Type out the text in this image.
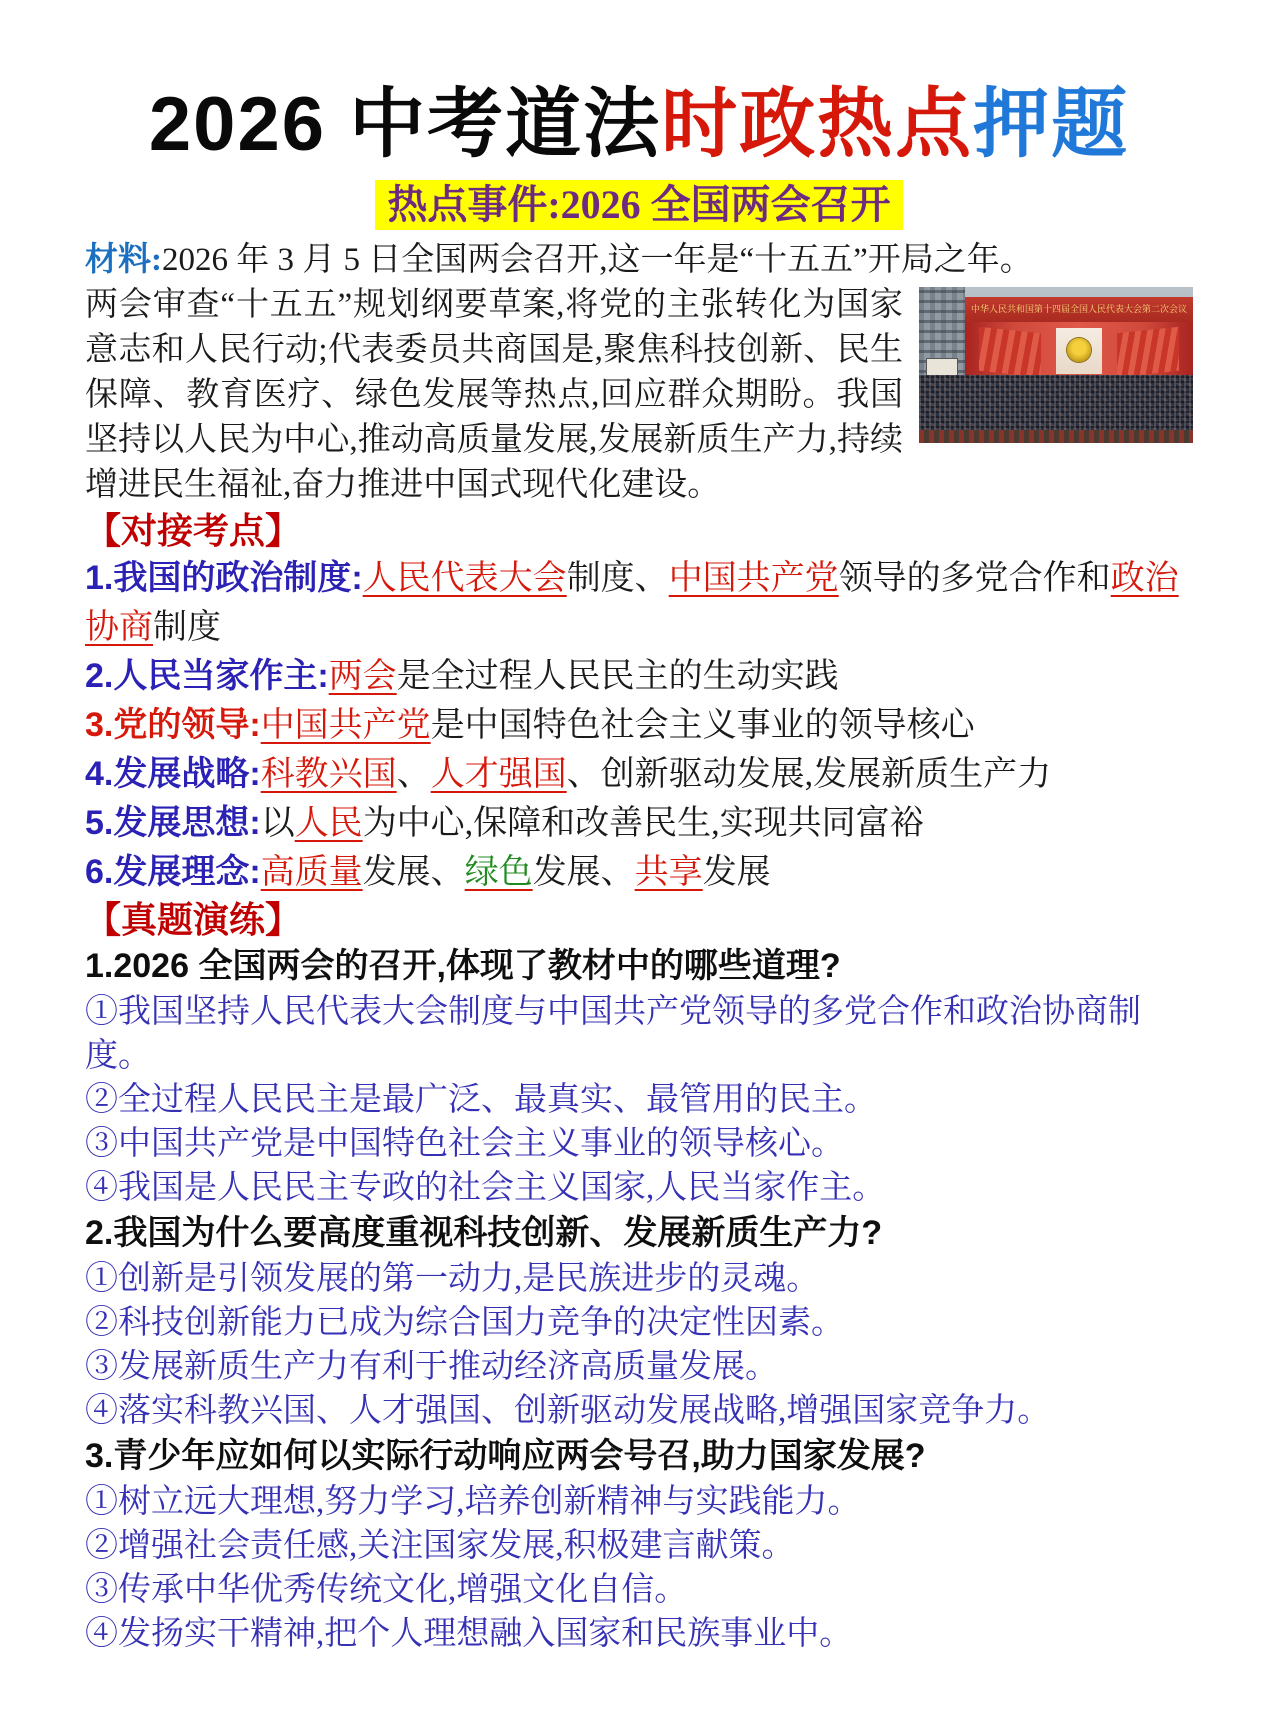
2026 中考道法时政热点押题
热点事件:2026 全国两会召开
材料:2026 年 3 月 5 日全国两会召开,这一年是“十五五”开局之年。
中华人民共和国第十四届全国人民代表大会第二次会议
两会审查“十五五”规划纲要草案,将党的主张转化为国家意志和人民行动;代表委员共商国是,聚焦科技创新、民生保障、教育医疗、绿色发展等热点,回应群众期盼。我国坚持以人民为中心,推动高质量发展,发展新质生产力,持续增进民生福祉,奋力推进中国式现代化建设。
【对接考点】
1.我国的政治制度:人民代表大会制度、中国共产党领导的多党合作和政治协商制度
2.人民当家作主:两会是全过程人民民主的生动实践
3.党的领导:中国共产党是中国特色社会主义事业的领导核心
4.发展战略:科教兴国、人才强国、创新驱动发展,发展新质生产力
5.发展思想:以人民为中心,保障和改善民生,实现共同富裕
6.发展理念:高质量发展、绿色发展、共享发展
【真题演练】
1.2026 全国两会的召开,体现了教材中的哪些道理?
①我国坚持人民代表大会制度与中国共产党领导的多党合作和政治协商制度。
②全过程人民民主是最广泛、最真实、最管用的民主。
③中国共产党是中国特色社会主义事业的领导核心。
④我国是人民民主专政的社会主义国家,人民当家作主。
2.我国为什么要高度重视科技创新、发展新质生产力?
①创新是引领发展的第一动力,是民族进步的灵魂。
②科技创新能力已成为综合国力竞争的决定性因素。
③发展新质生产力有利于推动经济高质量发展。
④落实科教兴国、人才强国、创新驱动发展战略,增强国家竞争力。
3.青少年应如何以实际行动响应两会号召,助力国家发展?
①树立远大理想,努力学习,培养创新精神与实践能力。
②增强社会责任感,关注国家发展,积极建言献策。
③传承中华优秀传统文化,增强文化自信。
④发扬实干精神,把个人理想融入国家和民族事业中。
